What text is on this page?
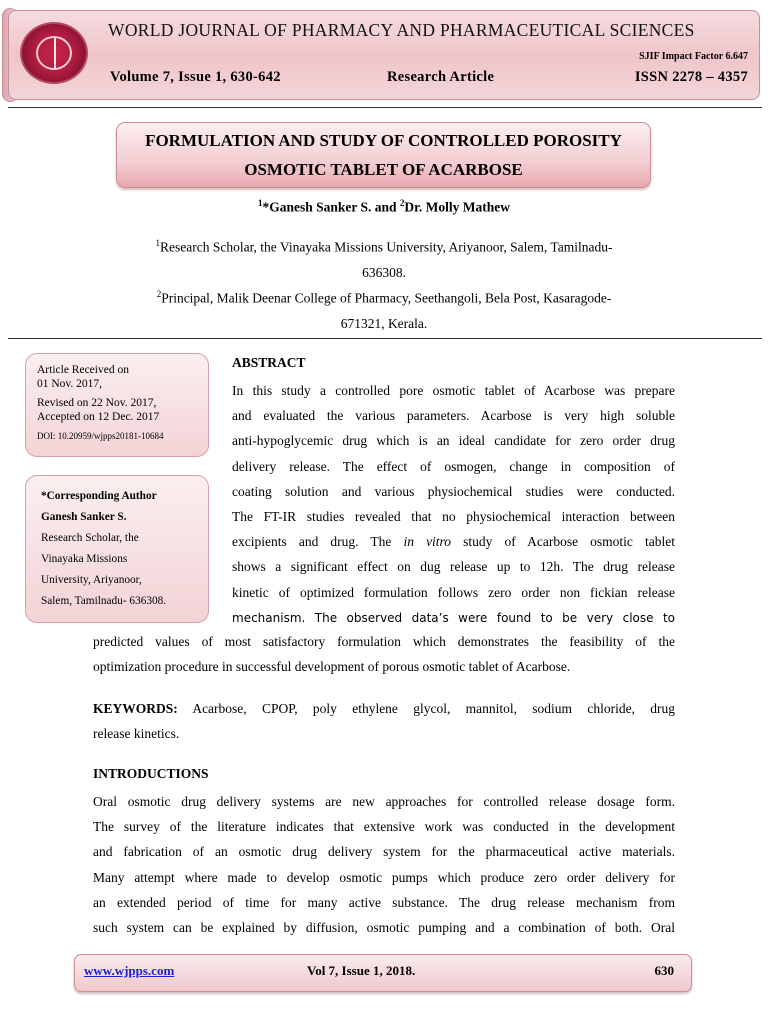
WORLD JOURNAL OF PHARMACY AND PHARMACEUTICAL SCIENCES
SJIF Impact Factor 6.647
Volume 7, Issue 1, 630-642	Research Article	ISSN 2278 – 4357
FORMULATION AND STUDY OF CONTROLLED POROSITY
OSMOTIC TABLET OF ACARBOSE
$^1$*Ganesh Sanker S. and $^2$Dr. Molly Mathew
$^1$Research Scholar, the Vinayaka Missions University, Ariyanoor, Salem, Tamilnadu-
636308.
$^2$Principal, Malik Deenar College of Pharmacy, Seethangoli, Bela Post, Kasaragode-
671321, Kerala.
Article Received on
01 Nov. 2017,
Revised on 22 Nov. 2017,
Accepted on 12 Dec. 2017
DOI: 10.20959/wjpps20181-10684
*Corresponding Author
Ganesh Sanker S.
Research Scholar, the
Vinayaka Missions
University, Ariyanoor,
Salem, Tamilnadu- 636308.
ABSTRACT

In this study a controlled pore osmotic tablet of Acarbose was prepare

and evaluated the various parameters. Acarbose is very high soluble

anti-hypoglycemic drug which is an ideal candidate for zero order drug

delivery release. The effect of osmogen, change in composition of

coating solution and various physiochemical studies were conducted.

The FT-IR studies revealed that no physiochemical interaction between

excipients and drug. The in vitro study of Acarbose osmotic tablet

shows a significant effect on dug release up to 12h. The drug release

kinetic of optimized formulation follows zero order non fickian release

mechanism. The observed data’s were found to be very close to

predicted values of most satisfactory formulation which demonstrates the feasibility of the
optimization procedure in successful development of porous osmotic tablet of Acarbose.
KEYWORDS: Acarbose, CPOP, poly ethylene glycol, mannitol, sodium chloride, drug
release kinetics.
INTRODUCTIONS
Oral osmotic drug delivery systems are new approaches for controlled release dosage form.
The survey of the literature indicates that extensive work was conducted in the development
and fabrication of an osmotic drug delivery system for the pharmaceutical active materials.
Many attempt where made to develop osmotic pumps which produce zero order delivery for
an extended period of time for many active substance. The drug release mechanism from
such system can be explained by diffusion, osmotic pumping and a combination of both. Oral
www.wjpps.com	Vol 7, Issue 1, 2018.	630
